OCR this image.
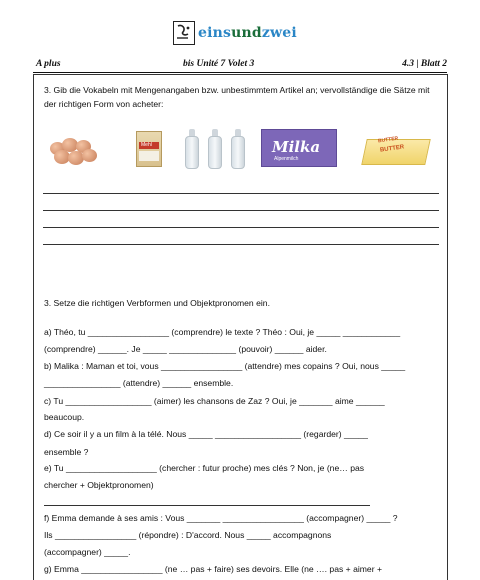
einsundzwei
A plus	bis Unité 7 Volet 3	4.3 | Blatt 2
3. Gib die Vokabeln mit Mengenangaben bzw. unbestimmtem Artikel an; vervollständige die Sätze mit der richtigen Form von acheter:
Mehl	Milka
Alpenmilch
BUTTER
BUTTER
3. Setze die richtigen Verbformen und Objektpronomen ein.
a) Théo, tu _________________ (comprendre) le texte ? Théo : Oui, je _____ ____________
(comprendre) ______. Je _____ ______________ (pouvoir) ______ aider.
b) Malika : Maman et toi, vous _________________ (attendre) mes copains ? Oui, nous _____
________________ (attendre) ______ ensemble.
c) Tu __________________ (aimer) les chansons de Zaz ? Oui, je _______ aime ______
beaucoup.
d) Ce soir il y a un film à la télé. Nous _____ __________________ (regarder) _____
ensemble ?
e) Tu ___________________ (chercher : futur proche) mes clés ? Non, je (ne… pas
chercher + Objektpronomen)
f) Emma demande à ses amis : Vous _______ _________________ (accompagner) _____ ?
Ils _________________ (répondre) : D'accord. Nous _____ accompagnons
(accompagner) _____.
g) Emma _________________ (ne … pas + faire) ses devoirs. Elle (ne …. pas + aimer +
